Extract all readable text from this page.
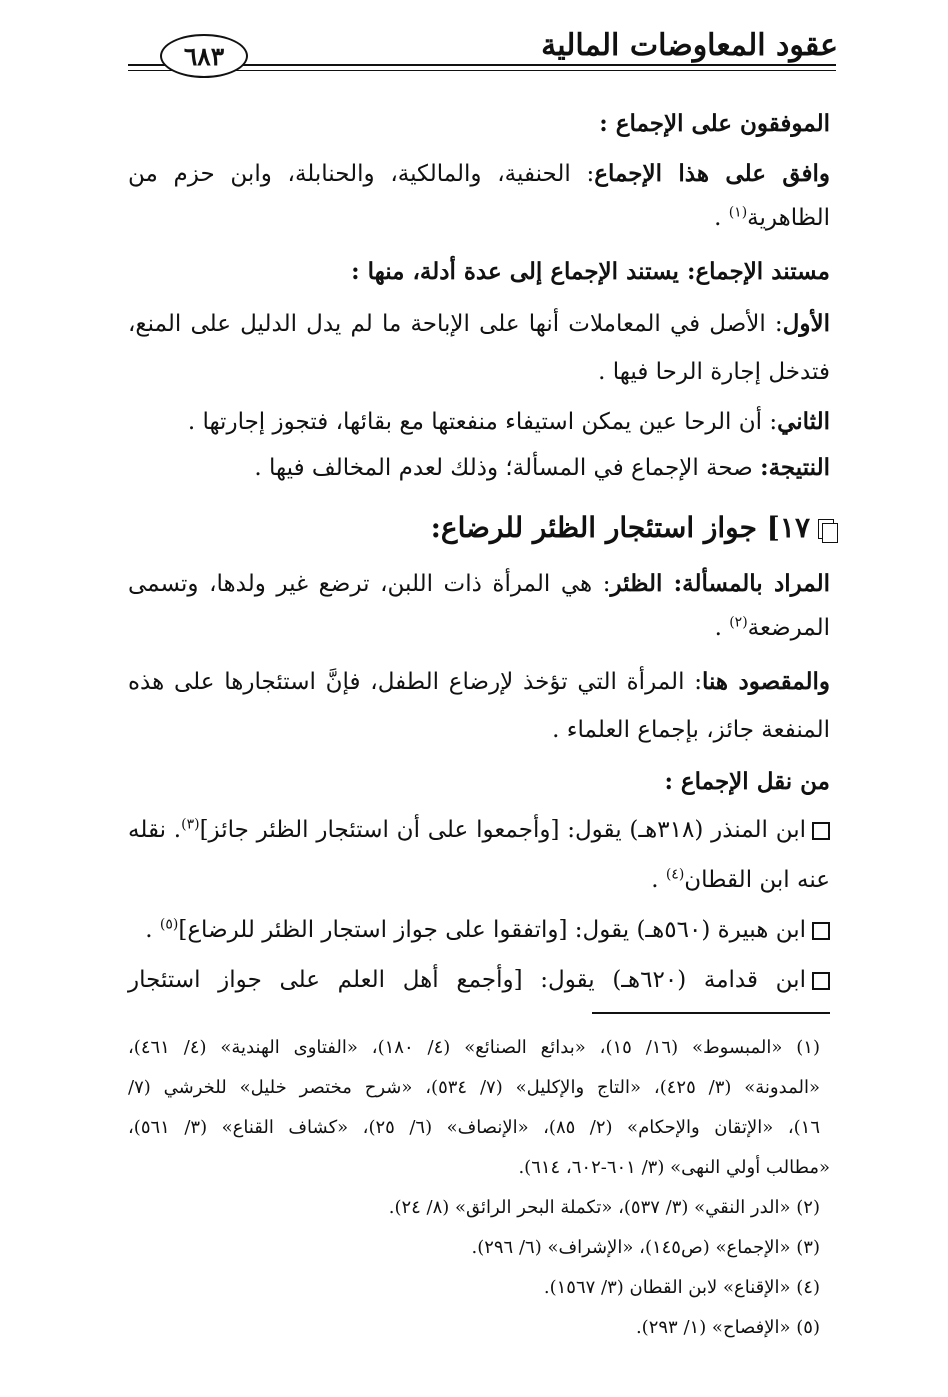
عقود المعاوضات المالية
٦٨٣
الموفقون على الإجماع :
وافق على هذا الإجماع: الحنفية، والمالكية، والحنابلة، وابن حزم من
الظاهرية$^{(١)}$ .
مستند الإجماع: يستند الإجماع إلى عدة أدلة، منها :
الأول: الأصل في المعاملات أنها على الإباحة ما لم يدل الدليل على المنع،
فتدخل إجارة الرحا فيها .
الثاني: أن الرحا عين يمكن استيفاء منفعتها مع بقائها، فتجوز إجارتها .
النتيجة: صحة الإجماع في المسألة؛ وذلك لعدم المخالف فيها .
١٧] جواز استئجار الظئر للرضاع:
المراد بالمسألة: الظئر: هي المرأة ذات اللبن، ترضع غير ولدها، وتسمى
المرضعة$^{(٢)}$ .
والمقصود هنا: المرأة التي تؤخذ لإرضاع الطفل، فإنَّ استئجارها على هذه
المنفعة جائز، بإجماع العلماء .
من نقل الإجماع :
ابن المنذر (٣١٨هـ) يقول: [وأجمعوا على أن استئجار الظئر جائز]$^{(٣)}$. نقله
عنه ابن القطان$^{(٤)}$ .
ابن هبيرة (٥٦٠هـ) يقول: [واتفقوا على جواز استجار الظئر للرضاع]$^{(٥)}$ .
ابن قدامة (٦٢٠هـ) يقول: [وأجمع أهل العلم على جواز استئجار
(١) «المبسوط» (١٦/ ١٥)، «بدائع الصنائع» (٤/ ١٨٠)، «الفتاوى الهندية» (٤/ ٤٦١)،
«المدونة» (٣/ ٤٢٥)، «التاج والإكليل» (٧/ ٥٣٤)، «شرح مختصر خليل» للخرشي (٧/
١٦)، «الإتقان والإحكام» (٢/ ٨٥)، «الإنصاف» (٦/ ٢٥)، «كشاف القناع» (٣/ ٥٦١)،
«مطالب أولي النهى» (٣/ ٦٠١-٦٠٢، ٦١٤).
(٢) «الدر النقي» (٣/ ٥٣٧)، «تكملة البحر الرائق» (٨/ ٢٤).
(٣) «الإجماع» (ص١٤٥)، «الإشراف» (٦/ ٢٩٦).
(٤) «الإقناع» لابن القطان (٣/ ١٥٦٧).
(٥) «الإفصاح» (١/ ٢٩٣).
